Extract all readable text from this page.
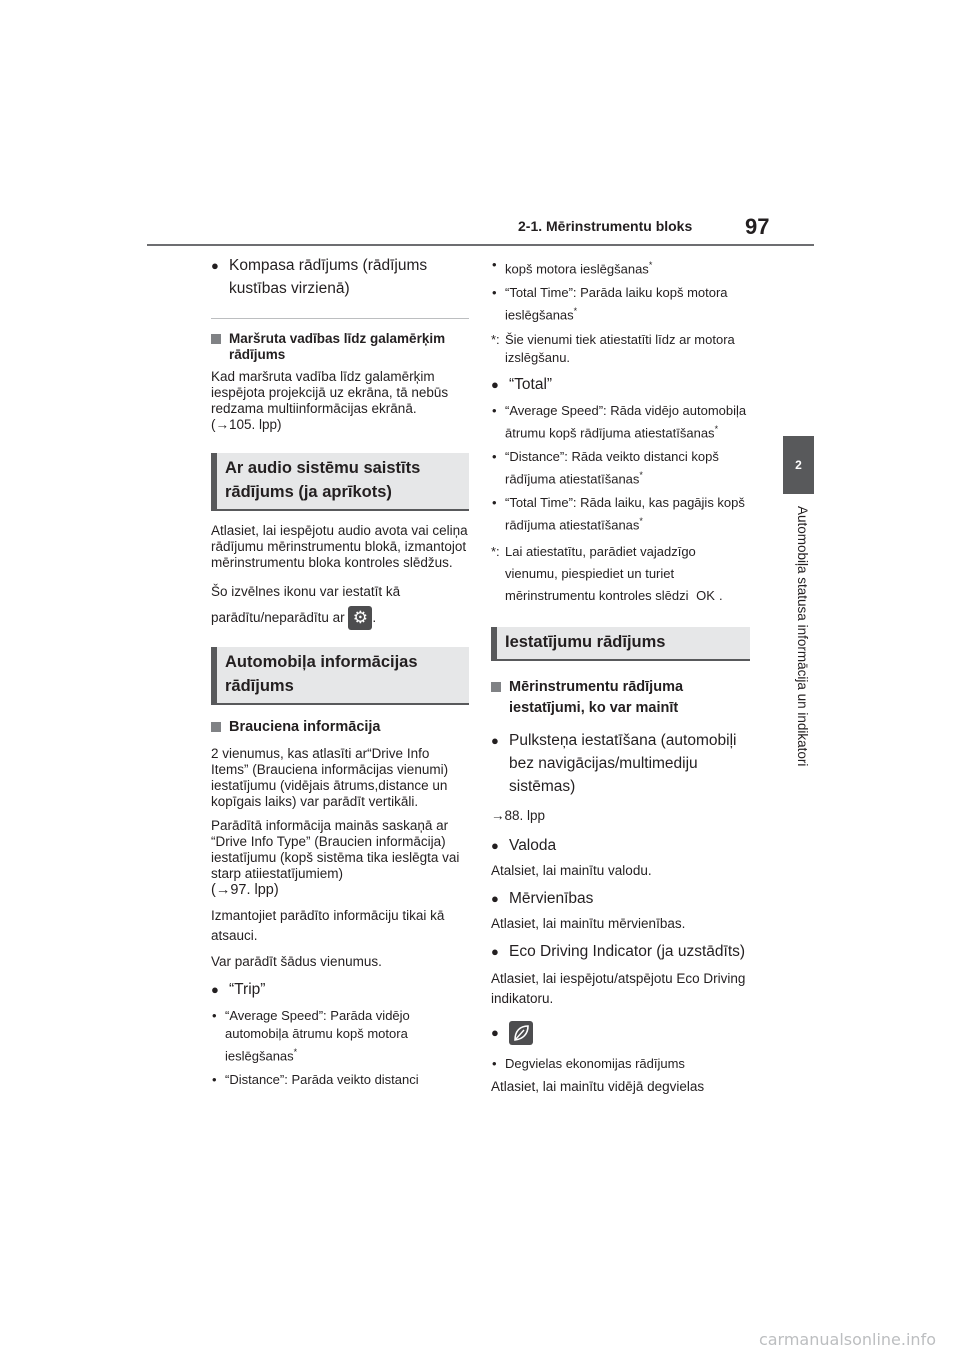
2-1. Mērinstrumentu bloks 97
2
Automobiļa statusa informācija un indikatori
● Kompasa rādījums (rādījums kustības virzienā)
Maršruta vadības līdz galamērķim rādījums

Kad maršruta vadība līdz galamērķim iespējota projekcijā uz ekrāna, tā nebūs redzama multiinformācijas ekrānā.

(→105. lpp)

Ar audio sistēmu saistīts rādījums (ja aprīkots)

Atlasiet, lai iespējotu audio avota vai celiņa rādījumu mērinstrumentu blokā, izmantojot mērinstrumentu bloka kontroles slēdžus.

Šo izvēlnes ikonu var iestatīt kā parādītu/neparādītu ar ⚙ .

Automobiļa informācijas rādījums
Brauciena informācija

2 vienumus, kas atlasīti ar“Drive Info Items” (Brauciena informācijas vienumi) iestatījumu (vidējais ātrums,distance un kopīgais laiks) var parādīt vertikāli.

Parādītā informācija mainās saskaņā ar “Drive Info Type” (Braucien informācija) iestatījumu (kopš sistēma tika ieslēgta vai starp atiiestatījumiem)

(→97. lpp)

Izmantojiet parādīto informāciju tikai kā atsauci.

Var parādīt šādus vienumus.

● “Trip”
• “Average Speed”: Parāda vidējo automobiļa ātrumu kopš motora ieslēgšanas*
• “Distance”: Parāda veikto distanci
• kopš motora ieslēgšanas*
• “Total Time”: Parāda laiku kopš motora ieslēgšanas*
*: Šie vienumi tiek atiestatīti līdz ar motora izslēgšanu.
● “Total”
• “Average Speed”: Rāda vidējo automobiļa ātrumu kopš rādījuma atiestatīšanas*
• “Distance”: Rāda veikto distanci kopš rādījuma atiestatīšanas*
• “Total Time”: Rāda laiku, kas pagājis kopš rādījuma atiestatīšanas*
*: Lai atiestatītu, parādiet vajadzīgo vienumu, piespiediet un turiet mērinstrumentu kontroles slēdzi OK .
Iestatījumu rādījums
Mērinstrumentu rādījuma iestatījumi, ko var mainīt
● Pulksteņa iestatīšana (automobiļi bez navigācijas/multimediju sistēmas)

→88. lpp

● Valoda

Atalsiet, lai mainītu valodu.

● Mērvienības

Atlasiet, lai mainītu mērvienības.

● Eco Driving Indicator (ja uzstādīts)

Atlasiet, lai iespējotu/atspējotu Eco Driving indikatoru.

●
• Degvielas ekonomijas rādījums

Atlasiet, lai mainītu vidējā degvielas

carmanualsonline.info
